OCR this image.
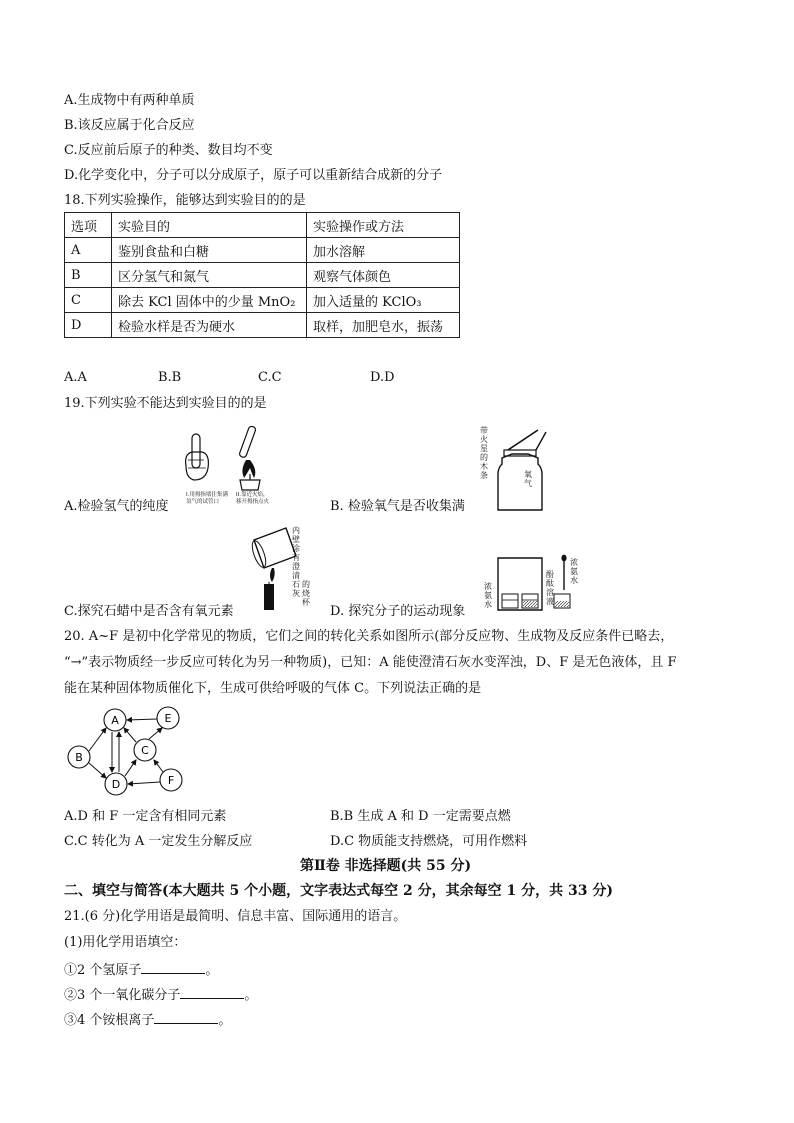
A.生成物中有两种单质
B.该反应属于化合反应
C.反应前后原子的种类、数目均不变
D.化学变化中，分子可以分成原子，原子可以重新结合成新的分子
18.下列实验操作，能够达到实验目的的是
选项	实验目的	实验操作或方法
A	鉴别食盐和白糖	加水溶解
B	区分氢气和氮气	观察气体颜色
C	除去 KCl 固体中的少量 MnO₂	加入适量的 KClO₃
D	检验水样是否为硬水	取样，加肥皂水，振荡
A.A	B.B	C.C	D.D
19.下列实验不能达到实验目的的是
I.用拇指堵住集满
氢气的试管口
II.靠近火焰，
移开拇指点火
A.检验氢气的纯度
带
火
星
的
木
条	氧
气
B. 检验氧气是否收集满
内
壁
涂
有
澄
清
石
灰
的
烧
杯
C.探究石蜡中是否含有氧元素
浓
氨
水
酚
酞
溶
液
浓
氨
水
D. 探究分子的运动现象
20. A~F 是初中化学常见的物质，它们之间的转化关系如图所示(部分反应物、生成物及反应条件已略去，
“→”表示物质经一步反应可转化为另一种物质)，已知：A 能使澄清石灰水变浑浊，D、F 是无色液体，且 F
能在某种固体物质催化下，生成可供给呼吸的气体 C。下列说法正确的是
A	E
B
C
D	F
A.D 和 F 一定含有相同元素	B.B 生成 A 和 D 一定需要点燃
C.C 转化为 A 一定发生分解反应	D.C 物质能支持燃烧，可用作燃料
第Ⅱ卷 非选择题(共 55 分)
二、填空与简答(本大题共 5 个小题，文字表达式每空 2 分，其余每空 1 分，共 33 分)
21.(6 分)化学用语是最简明、信息丰富、国际通用的语言。
(1)用化学用语填空：
①2 个氢原子	。
②3 个一氧化碳分子	。
③4 个铵根离子	。
